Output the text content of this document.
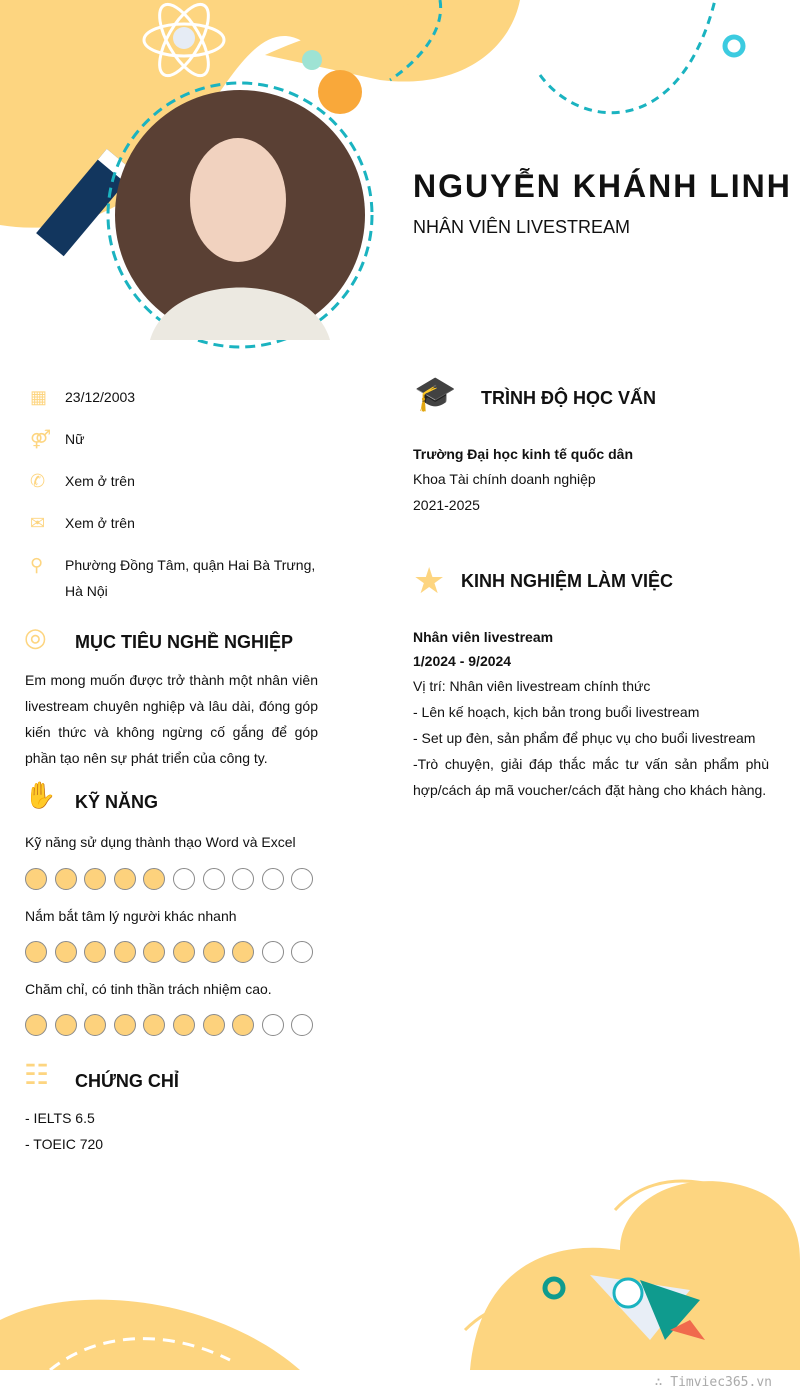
NGUYỄN KHÁNH LINH
NHÂN VIÊN LIVESTREAM
▦	23/12/2003
⚤ Nữ
✆	Xem ở trên
✉	Xem ở trên
⚲	Phường Đồng Tâm, quận Hai Bà Trưng,
Hà Nội
◎ MỤC TIÊU NGHỀ NGHIỆP
Em mong muốn được trở thành một nhân viên livestream chuyên nghiệp và lâu dài, đóng góp kiến thức và không ngừng cố gắng để góp phần tạo nên sự phát triển của công ty.
✋ KỸ NĂNG
Kỹ năng sử dụng thành thạo Word và Excel
Nắm bắt tâm lý người khác nhanh
Chăm chỉ, có tinh thần trách nhiệm cao.
☷ CHỨNG CHỈ
- IELTS 6.5
- TOEIC 720
🎓 TRÌNH ĐỘ HỌC VẤN
Trường Đại học kinh tế quốc dân
Khoa Tài chính doanh nghiệp
2021-2025
★ KINH NGHIỆM LÀM VIỆC
Nhân viên livestream
1/2024 - 9/2024
Vị trí: Nhân viên livestream chính thức
- Lên kế hoạch, kịch bản trong buổi livestream
- Set up đèn, sản phẩm để phục vụ cho buổi livestream
-Trò chuyện, giải đáp thắc mắc tư vấn sản phẩm phù hợp/cách áp mã voucher/cách đặt hàng cho khách hàng.
∴ Timviec365.vn
